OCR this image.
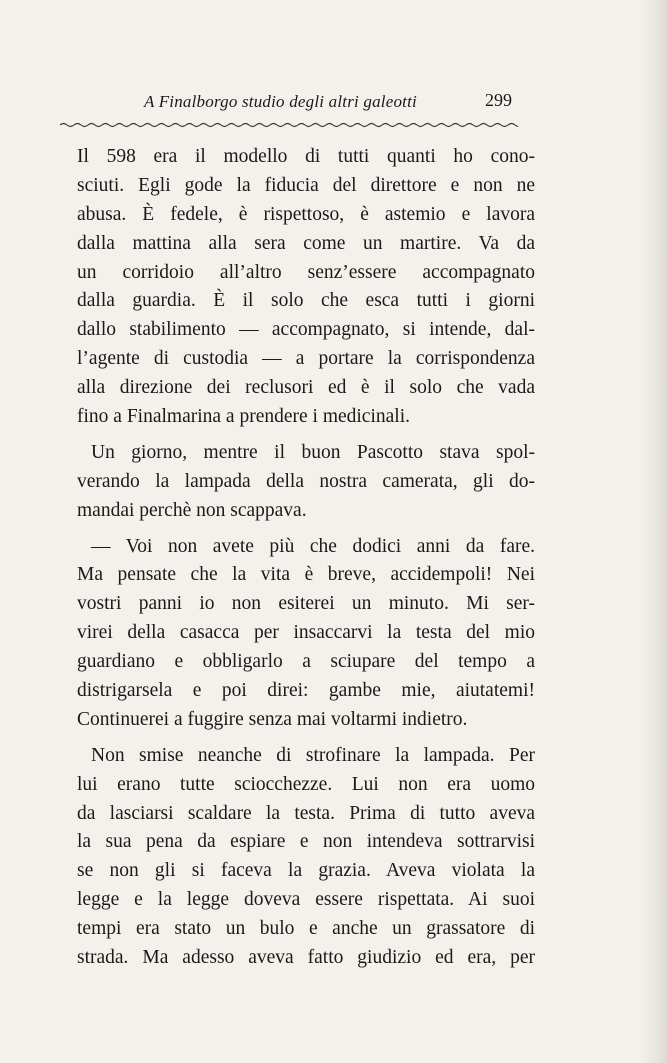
A Finalborgo studio degli altri galeotti	299
Il 598 era il modello di tutti quanti ho cono-
sciuti. Egli gode la fiducia del direttore e non ne
abusa. È fedele, è rispettoso, è astemio e lavora
dalla mattina alla sera come un martire. Va da
un corridoio all’altro senz’essere accompagnato
dalla guardia. È il solo che esca tutti i giorni
dallo stabilimento — accompagnato, si intende, dal-
l’agente di custodia — a portare la corrispondenza
alla direzione dei reclusori ed è il solo che vada
fino a Finalmarina a prendere i medicinali.
Un giorno, mentre il buon Pascotto stava spol-
verando la lampada della nostra camerata, gli do-
mandai perchè non scappava.
— Voi non avete più che dodici anni da fare.
Ma pensate che la vita è breve, accidempoli! Nei
vostri panni io non esiterei un minuto. Mi ser-
virei della casacca per insaccarvi la testa del mio
guardiano e obbligarlo a sciupare del tempo a
distrigarsela e poi direi: gambe mie, aiutatemi!
Continuerei a fuggire senza mai voltarmi indietro.
Non smise neanche di strofinare la lampada. Per
lui erano tutte sciocchezze. Lui non era uomo
da lasciarsi scaldare la testa. Prima di tutto aveva
la sua pena da espiare e non intendeva sottrarvisi
se non gli si faceva la grazia. Aveva violata la
legge e la legge doveva essere rispettata. Ai suoi
tempi era stato un bulo e anche un grassatore di
strada. Ma adesso aveva fatto giudizio ed era, per
